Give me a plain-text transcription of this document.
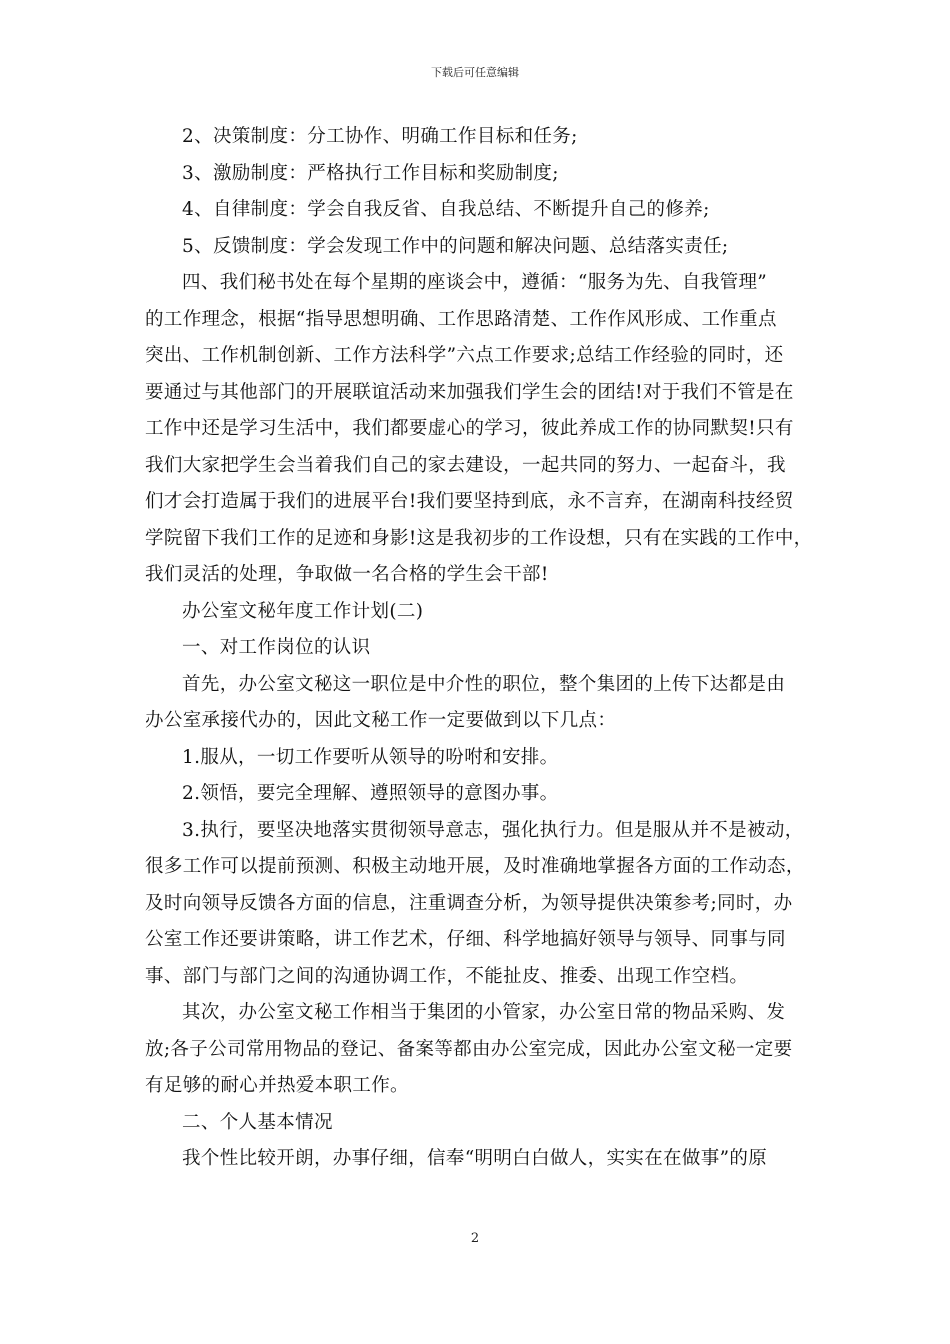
下载后可任意编辑
2、决策制度：分工协作、明确工作目标和任务;
3、激励制度：严格执行工作目标和奖励制度;
4、自律制度：学会自我反省、自我总结、不断提升自己的修养;
5、反馈制度：学会发现工作中的问题和解决问题、总结落实责任;
四、我们秘书处在每个星期的座谈会中，遵循：“服务为先、自我管理”
的工作理念，根据“指导思想明确、工作思路清楚、工作作风形成、工作重点
突出、工作机制创新、工作方法科学”六点工作要求;总结工作经验的同时，还
要通过与其他部门的开展联谊活动来加强我们学生会的团结!对于我们不管是在
工作中还是学习生活中，我们都要虚心的学习，彼此养成工作的协同默契!只有
我们大家把学生会当着我们自己的家去建设，一起共同的努力、一起奋斗，我
们才会打造属于我们的进展平台!我们要坚持到底，永不言弃，在湖南科技经贸
学院留下我们工作的足迹和身影!这是我初步的工作设想，只有在实践的工作中，
我们灵活的处理，争取做一名合格的学生会干部!
办公室文秘年度工作计划(二)
一、对工作岗位的认识
首先，办公室文秘这一职位是中介性的职位，整个集团的上传下达都是由
办公室承接代办的，因此文秘工作一定要做到以下几点：
1.服从，一切工作要听从领导的吩咐和安排。
2.领悟，要完全理解、遵照领导的意图办事。
3.执行，要坚决地落实贯彻领导意志，强化执行力。但是服从并不是被动，
很多工作可以提前预测、积极主动地开展，及时准确地掌握各方面的工作动态，
及时向领导反馈各方面的信息，注重调查分析，为领导提供决策参考;同时，办
公室工作还要讲策略，讲工作艺术，仔细、科学地搞好领导与领导、同事与同
事、部门与部门之间的沟通协调工作，不能扯皮、推委、出现工作空档。
其次，办公室文秘工作相当于集团的小管家，办公室日常的物品采购、发
放;各子公司常用物品的登记、备案等都由办公室完成，因此办公室文秘一定要
有足够的耐心并热爱本职工作。
二、个人基本情况
我个性比较开朗，办事仔细，信奉“明明白白做人，实实在在做事”的原
2
